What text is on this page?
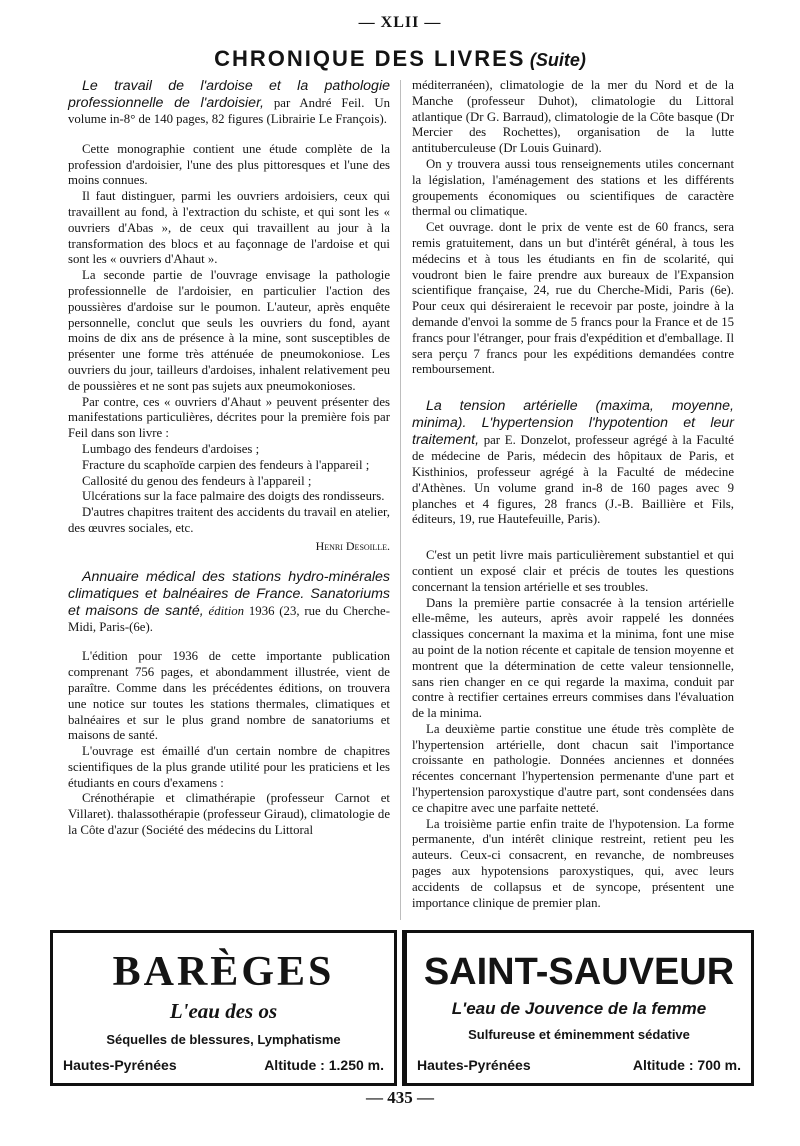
— XLII —
CHRONIQUE DES LIVRES (Suite)

Le travail de l'ardoise et la pathologie professionnelle de l'ardoisier, par André Feil. Un volume in-8° de 140 pages, 82 figures (Librairie Le François).

Cette monographie contient une étude complète de la profession d'ardoisier, l'une des plus pittoresques et l'une des moins connues.

Il faut distinguer, parmi les ouvriers ardoisiers, ceux qui travaillent au fond, à l'extraction du schiste, et qui sont les « ouvriers d'Abas », de ceux qui travaillent au jour à la transformation des blocs et au façonnage de l'ardoise et qui sont les « ouvriers d'Ahaut ».

La seconde partie de l'ouvrage envisage la pathologie professionnelle de l'ardoisier, en particulier l'action des poussières d'ardoise sur le poumon. L'auteur, après enquête personnelle, conclut que seuls les ouvriers du fond, ayant moins de dix ans de présence à la mine, sont susceptibles de présenter une forme très atténuée de pneumokoniose. Les ouvriers du jour, tailleurs d'ardoises, inhalent relativement peu de poussières et ne sont pas sujets aux pneumokonioses.

Par contre, ces « ouvriers d'Ahaut » peuvent présenter des manifestations particulières, décrites pour la première fois par Feil dans son livre :

Lumbago des fendeurs d'ardoises ;

Fracture du scaphoïde carpien des fendeurs à l'appareil ;

Callosité du genou des fendeurs à l'appareil ;

Ulcérations sur la face palmaire des doigts des rondisseurs.

D'autres chapitres traitent des accidents du travail en atelier, des œuvres sociales, etc.

Henri Desoille.

Annuaire médical des stations hydro-minérales climatiques et balnéaires de France. Sanatoriums et maisons de santé, édition 1936 (23, rue du Cherche-Midi, Paris-(6e).

L'édition pour 1936 de cette importante publication comprenant 756 pages, et abondamment illustrée, vient de paraître. Comme dans les précédentes éditions, on trouvera une notice sur toutes les stations thermales, climatiques et balnéaires et sur le plus grand nombre de sanatoriums et maisons de santé.

L'ouvrage est émaillé d'un certain nombre de chapitres scientifiques de la plus grande utilité pour les praticiens et les étudiants en cours d'examens :

Crénothérapie et climathérapie (professeur Carnot et Villaret). thalassothérapie (professeur Giraud), climatologie de la Côte d'azur (Société des médecins du Littoral

méditerranéen), climatologie de la mer du Nord et de la Manche (professeur Duhot), climatologie du Littoral atlantique (Dr G. Barraud), climatologie de la Côte basque (Dr Mercier des Rochettes), organisation de la lutte antituberculeuse (Dr Louis Guinard).

On y trouvera aussi tous renseignements utiles concernant la législation, l'aménagement des stations et les différents groupements économiques ou scientifiques de caractère thermal ou climatique.

Cet ouvrage. dont le prix de vente est de 60 francs, sera remis gratuitement, dans un but d'intérêt général, à tous les médecins et à tous les étudiants en fin de scolarité, qui voudront bien le faire prendre aux bureaux de l'Expansion scientifique française, 24, rue du Cherche-Midi, Paris (6e). Pour ceux qui désireraient le recevoir par poste, joindre à la demande d'envoi la somme de 5 francs pour la France et de 15 francs pour l'étranger, pour frais d'expédition et d'emballage. Il sera perçu 7 francs pour les expéditions demandées contre remboursement.

La tension artérielle (maxima, moyenne, minima). L'hypertension l'hypotention et leur traitement, par E. Donzelot, professeur agrégé à la Faculté de médecine de Paris, médecin des hôpitaux de Paris, et Kisthinios, professeur agrégé à la Faculté de médecine d'Athènes. Un volume grand in-8 de 160 pages avec 9 planches et 4 figures, 28 francs (J.-B. Baillière et Fils, éditeurs, 19, rue Hautefeuille, Paris).

C'est un petit livre mais particulièrement substantiel et qui contient un exposé clair et précis de toutes les questions concernant la tension artérielle et ses troubles.

Dans la première partie consacrée à la tension artérielle elle-même, les auteurs, après avoir rappelé les données classiques concernant la maxima et la minima, font une mise au point de la notion récente et capitale de tension moyenne et montrent que la détermination de cette valeur tensionnelle, sans rien changer en ce qui regarde la maxima, conduit par contre à rectifier certaines erreurs commises dans l'évaluation de la minima.

La deuxième partie constitue une étude très complète de l'hypertension artérielle, dont chacun sait l'importance croissante en pathologie. Données anciennes et données récentes concernant l'hypertension permenante d'une part et l'hypertension paroxystique d'autre part, sont condensées dans ce chapitre avec une parfaite netteté.

La troisième partie enfin traite de l'hypotension. La forme permanente, d'un intérêt clinique restreint, retient peu les auteurs. Ceux-ci consacrent, en revanche, de nombreuses pages aux hypotensions paroxystiques, qui, avec leurs accidents de collapsus et de syncope, présentent une importance clinique de premier plan.

BARÈGES
L'eau des os
Séquelles de blessures, Lymphatisme
Hautes-Pyrénées	Altitude : 1.250 m.
SAINT-SAUVEUR
L'eau de Jouvence de la femme
Sulfureuse et éminemment sédative
Hautes-Pyrénées	Altitude : 700 m.
— 435 —
